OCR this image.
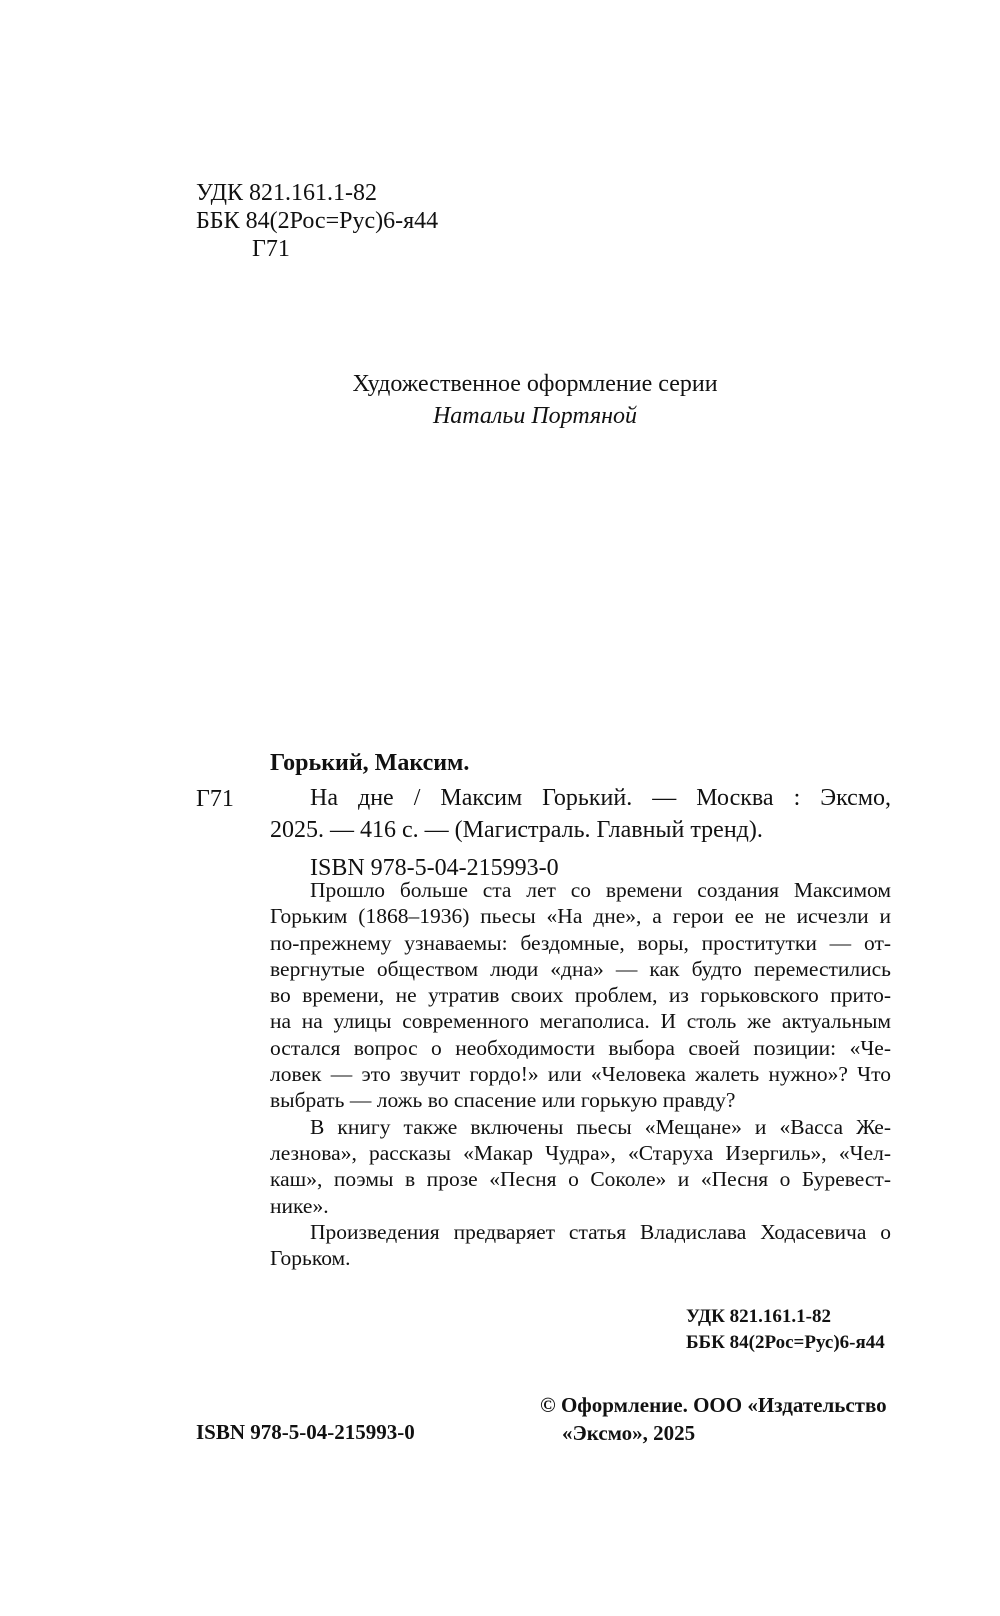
УДК 821.161.1-82
ББК 84(2Рос=Рус)6-я44
Г71
Художественное оформление серии
Натальи Портяной
Горький, Максим.
Г71	На дне / Максим Горький. — Москва : Эксмо,
2025. — 416 с. — (Магистраль. Главный тренд).
ISBN 978-5-04-215993-0
Прошло больше ста лет со времени создания Максимом
Горьким (1868–1936) пьесы «На дне», а герои ее не исчезли и
по-прежнему узнаваемы: бездомные, воры, проститутки — от-
вергнутые обществом люди «дна» — как будто переместились
во времени, не утратив своих проблем, из горьковского прито-
на на улицы современного мегаполиса. И столь же актуальным
остался вопрос о необходимости выбора своей позиции: «Че-
ловек — это звучит гордо!» или «Человека жалеть нужно»? Что
выбрать — ложь во спасение или горькую правду?
В книгу также включены пьесы «Мещане» и «Васса Же-
лезнова», рассказы «Макар Чудра», «Старуха Изергиль», «Чел-
каш», поэмы в прозе «Песня о Соколе» и «Песня о Буревест-
нике».
Произведения предваряет статья Владислава Ходасевича о
Горьком.
УДК 821.161.1-82
ББК 84(2Рос=Рус)6-я44
© Оформление. ООО «Издательство
ISBN 978-5-04-215993-0	«Эксмо», 2025
